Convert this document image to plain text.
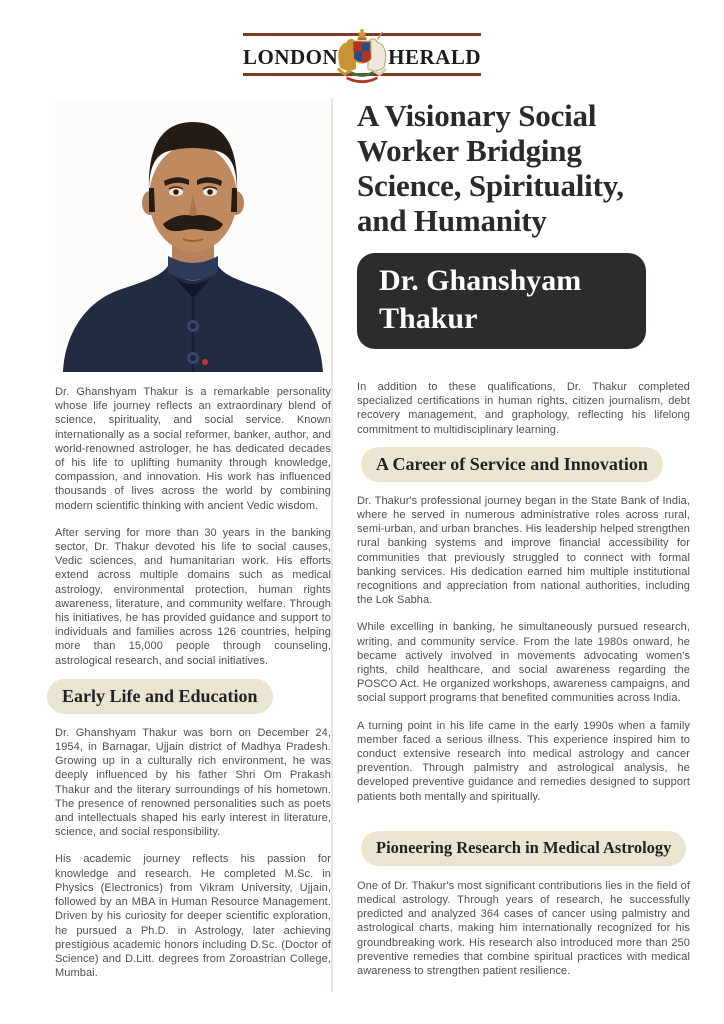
LONDON HERALD

Dr. Ghanshyam Thakur is a remarkable personality whose life journey reflects an extraordinary blend of science, spirituality, and social service. Known internationally as a social reformer, banker, author, and world-renowned astrologer, he has dedicated decades of his life to uplifting humanity through knowledge, compassion, and innovation. His work has influenced thousands of lives across the world by combining modern scientific thinking with ancient Vedic wisdom.

After serving for more than 30 years in the banking sector, Dr. Thakur devoted his life to social causes, Vedic sciences, and humanitarian work. His efforts extend across multiple domains such as medical astrology, environmental protection, human rights awareness, literature, and community welfare. Through his initiatives, he has provided guidance and support to individuals and families across 126 countries, helping more than 15,000 people through counseling, astrological research, and social initiatives.

Early Life and Education

Dr. Ghanshyam Thakur was born on December 24, 1954, in Barnagar, Ujjain district of Madhya Pradesh. Growing up in a culturally rich environment, he was deeply influenced by his father Shri Om Prakash Thakur and the literary surroundings of his hometown. The presence of renowned personalities such as poets and intellectuals shaped his early interest in literature, science, and social responsibility.

His academic journey reflects his passion for knowledge and research. He completed M.Sc. in Physics (Electronics) from Vikram University, Ujjain, followed by an MBA in Human Resource Management. Driven by his curiosity for deeper scientific exploration, he pursued a Ph.D. in Astrology, later achieving prestigious academic honors including D.Sc. (Doctor of Science) and D.Litt. degrees from Zoroastrian College, Mumbai.

A Visionary Social
Worker Bridging
Science, Spirituality,
and Humanity
Dr. Ghanshyam Thakur

In addition to these qualifications, Dr. Thakur completed specialized certifications in human rights, citizen journalism, debt recovery management, and graphology, reflecting his lifelong commitment to multidisciplinary learning.

A Career of Service and Innovation

Dr. Thakur's professional journey began in the State Bank of India, where he served in numerous administrative roles across rural, semi-urban, and urban branches. His leadership helped strengthen rural banking systems and improve financial accessibility for communities that previously struggled to connect with formal banking services. His dedication earned him multiple institutional recognitions and appreciation from national authorities, including the Lok Sabha.

While excelling in banking, he simultaneously pursued research, writing, and community service. From the late 1980s onward, he became actively involved in movements advocating women's rights, child healthcare, and social awareness regarding the POSCO Act. He organized workshops, awareness campaigns, and social support programs that benefited communities across India.

A turning point in his life came in the early 1990s when a family member faced a serious illness. This experience inspired him to conduct extensive research into medical astrology and cancer prevention. Through palmistry and astrological analysis, he developed preventive guidance and remedies designed to support patients both mentally and spiritually.

Pioneering Research in Medical Astrology

One of Dr. Thakur's most significant contributions lies in the field of medical astrology. Through years of research, he successfully predicted and analyzed 364 cases of cancer using palmistry and astrological charts, making him internationally recognized for his groundbreaking work. His research also introduced more than 250 preventive remedies that combine spiritual practices with medical awareness to strengthen patient resilience.
